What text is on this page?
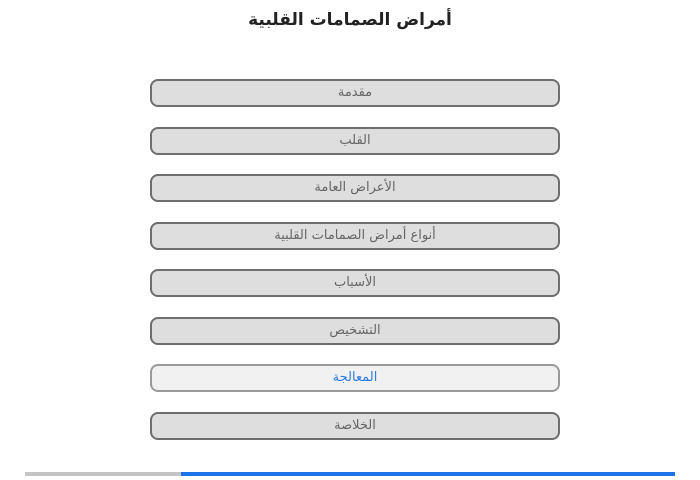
أمراض الصمامات القلبية
مقدمة
القلب
الأعراض العامة
أنواع أمراض الصمامات القلبية
الأسباب
التشخيص
المعالجة
الخلاصة
